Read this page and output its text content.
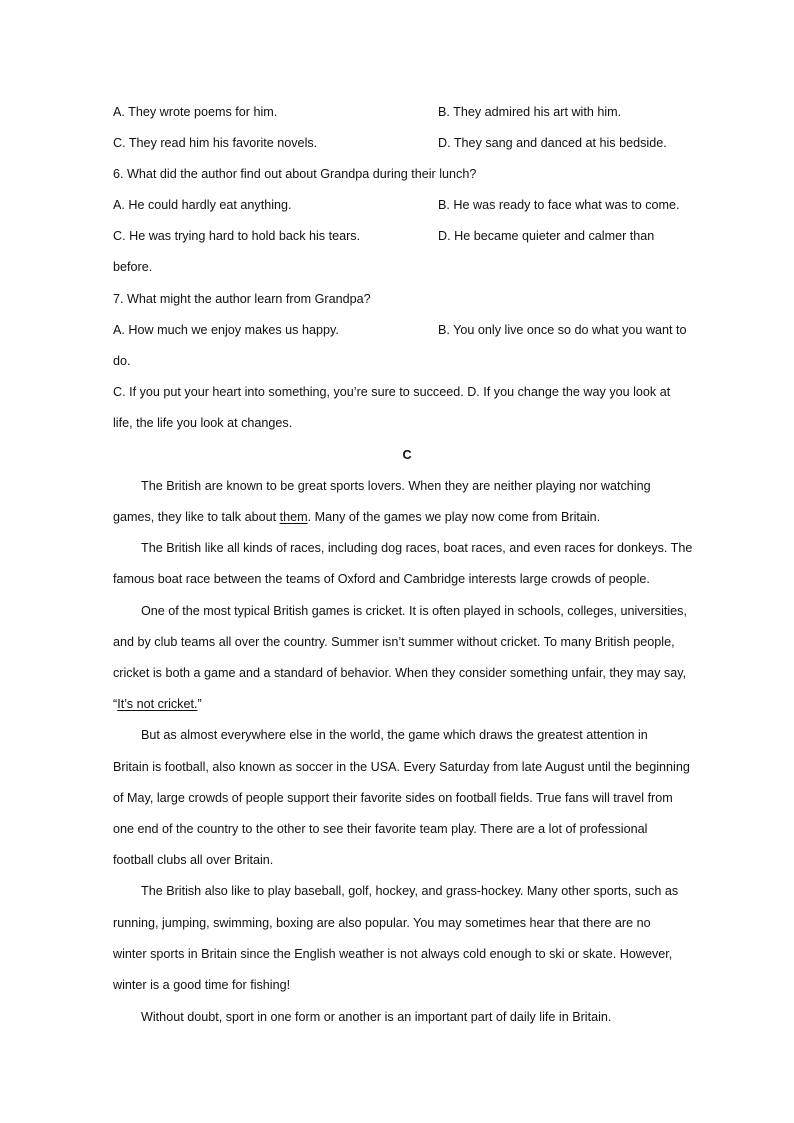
A. They wrote poems for him.	B. They admired his art with him.
C. They read him his favorite novels.	D. They sang and danced at his bedside.
6. What did the author find out about Grandpa during their lunch?
A. He could hardly eat anything.	B. He was ready to face what was to come.
C. He was trying hard to hold back his tears.	D. He became quieter and calmer than
before.
7. What might the author learn from Grandpa?
A. How much we enjoy makes us happy.	B. You only live once so do what you want to
do.
C. If you put your heart into something, you’re sure to succeed. D. If you change the way you look at
life, the life you look at changes.
C
The British are known to be great sports lovers. When they are neither playing nor watching
games, they like to talk about them. Many of the games we play now come from Britain.
The British like all kinds of races, including dog races, boat races, and even races for donkeys. The
famous boat race between the teams of Oxford and Cambridge interests large crowds of people.
One of the most typical British games is cricket. It is often played in schools, colleges, universities,
and by club teams all over the country. Summer isn’t summer without cricket. To many British people,
cricket is both a game and a standard of behavior. When they consider something unfair, they may say,
“It’s not cricket.”
But as almost everywhere else in the world, the game which draws the greatest attention in
Britain is football, also known as soccer in the USA. Every Saturday from late August until the beginning
of May, large crowds of people support their favorite sides on football fields. True fans will travel from
one end of the country to the other to see their favorite team play. There are a lot of professional
football clubs all over Britain.
The British also like to play baseball, golf, hockey, and grass-hockey. Many other sports, such as
running, jumping, swimming, boxing are also popular. You may sometimes hear that there are no
winter sports in Britain since the English weather is not always cold enough to ski or skate. However,
winter is a good time for fishing!
Without doubt, sport in one form or another is an important part of daily life in Britain.
